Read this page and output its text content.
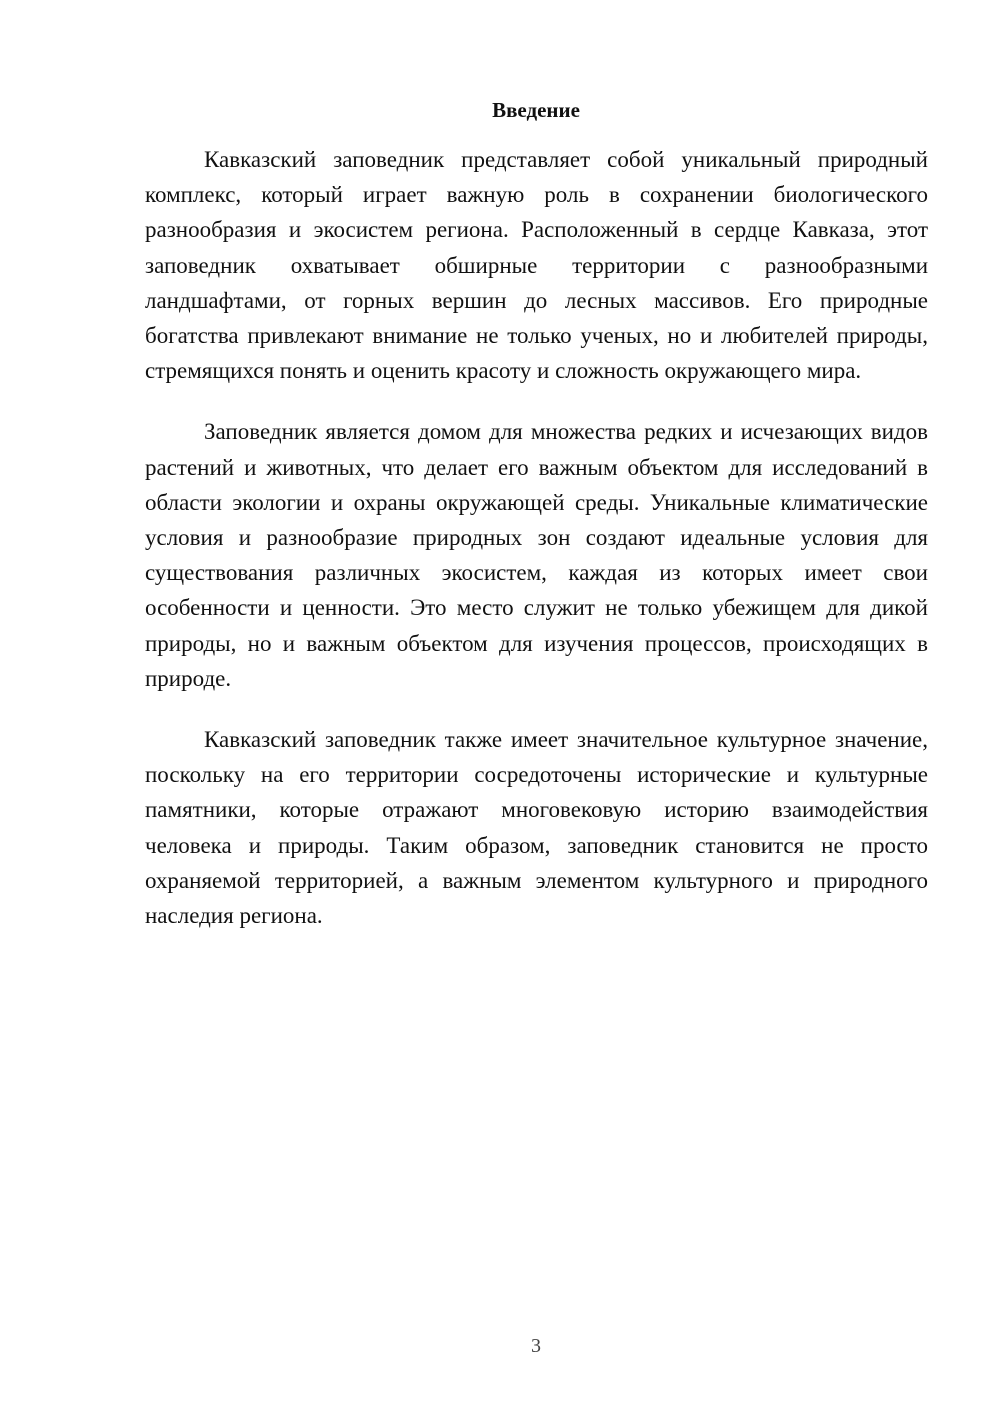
Введение

Кавказский заповедник представляет собой уникальный природный комплекс, который играет важную роль в сохранении биологического разнообразия и экосистем региона. Расположенный в сердце Кавказа, этот заповедник охватывает обширные территории с разнообразными ландшафтами, от горных вершин до лесных массивов. Его природные богатства привлекают внимание не только ученых, но и любителей природы, стремящихся понять и оценить красоту и сложность окружающего мира.

Заповедник является домом для множества редких и исчезающих видов растений и животных, что делает его важным объектом для исследований в области экологии и охраны окружающей среды. Уникальные климатические условия и разнообразие природных зон создают идеальные условия для существования различных экосистем, каждая из которых имеет свои особенности и ценности. Это место служит не только убежищем для дикой природы, но и важным объектом для изучения процессов, происходящих в природе.

Кавказский заповедник также имеет значительное культурное значение, поскольку на его территории сосредоточены исторические и культурные памятники, которые отражают многовековую историю взаимодействия человека и природы. Таким образом, заповедник становится не просто охраняемой территорией, а важным элементом культурного и природного наследия региона.

3
